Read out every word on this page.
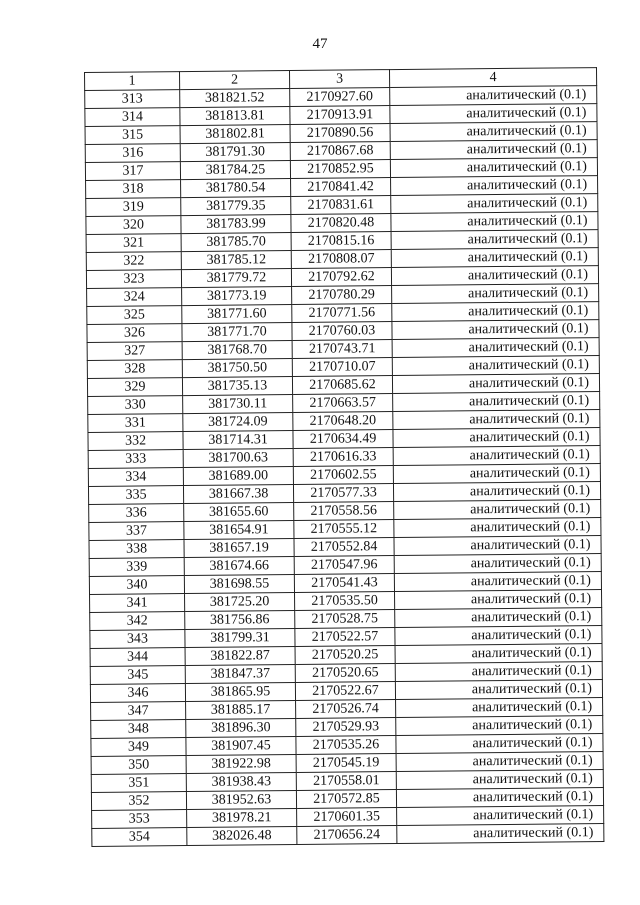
47
1	2	3	4
313	381821.52	2170927.60	аналитический (0.1)
314	381813.81	2170913.91	аналитический (0.1)
315	381802.81	2170890.56	аналитический (0.1)
316	381791.30	2170867.68	аналитический (0.1)
317	381784.25	2170852.95	аналитический (0.1)
318	381780.54	2170841.42	аналитический (0.1)
319	381779.35	2170831.61	аналитический (0.1)
320	381783.99	2170820.48	аналитический (0.1)
321	381785.70	2170815.16	аналитический (0.1)
322	381785.12	2170808.07	аналитический (0.1)
323	381779.72	2170792.62	аналитический (0.1)
324	381773.19	2170780.29	аналитический (0.1)
325	381771.60	2170771.56	аналитический (0.1)
326	381771.70	2170760.03	аналитический (0.1)
327	381768.70	2170743.71	аналитический (0.1)
328	381750.50	2170710.07	аналитический (0.1)
329	381735.13	2170685.62	аналитический (0.1)
330	381730.11	2170663.57	аналитический (0.1)
331	381724.09	2170648.20	аналитический (0.1)
332	381714.31	2170634.49	аналитический (0.1)
333	381700.63	2170616.33	аналитический (0.1)
334	381689.00	2170602.55	аналитический (0.1)
335	381667.38	2170577.33	аналитический (0.1)
336	381655.60	2170558.56	аналитический (0.1)
337	381654.91	2170555.12	аналитический (0.1)
338	381657.19	2170552.84	аналитический (0.1)
339	381674.66	2170547.96	аналитический (0.1)
340	381698.55	2170541.43	аналитический (0.1)
341	381725.20	2170535.50	аналитический (0.1)
342	381756.86	2170528.75	аналитический (0.1)
343	381799.31	2170522.57	аналитический (0.1)
344	381822.87	2170520.25	аналитический (0.1)
345	381847.37	2170520.65	аналитический (0.1)
346	381865.95	2170522.67	аналитический (0.1)
347	381885.17	2170526.74	аналитический (0.1)
348	381896.30	2170529.93	аналитический (0.1)
349	381907.45	2170535.26	аналитический (0.1)
350	381922.98	2170545.19	аналитический (0.1)
351	381938.43	2170558.01	аналитический (0.1)
352	381952.63	2170572.85	аналитический (0.1)
353	381978.21	2170601.35	аналитический (0.1)
354	382026.48	2170656.24	аналитический (0.1)
